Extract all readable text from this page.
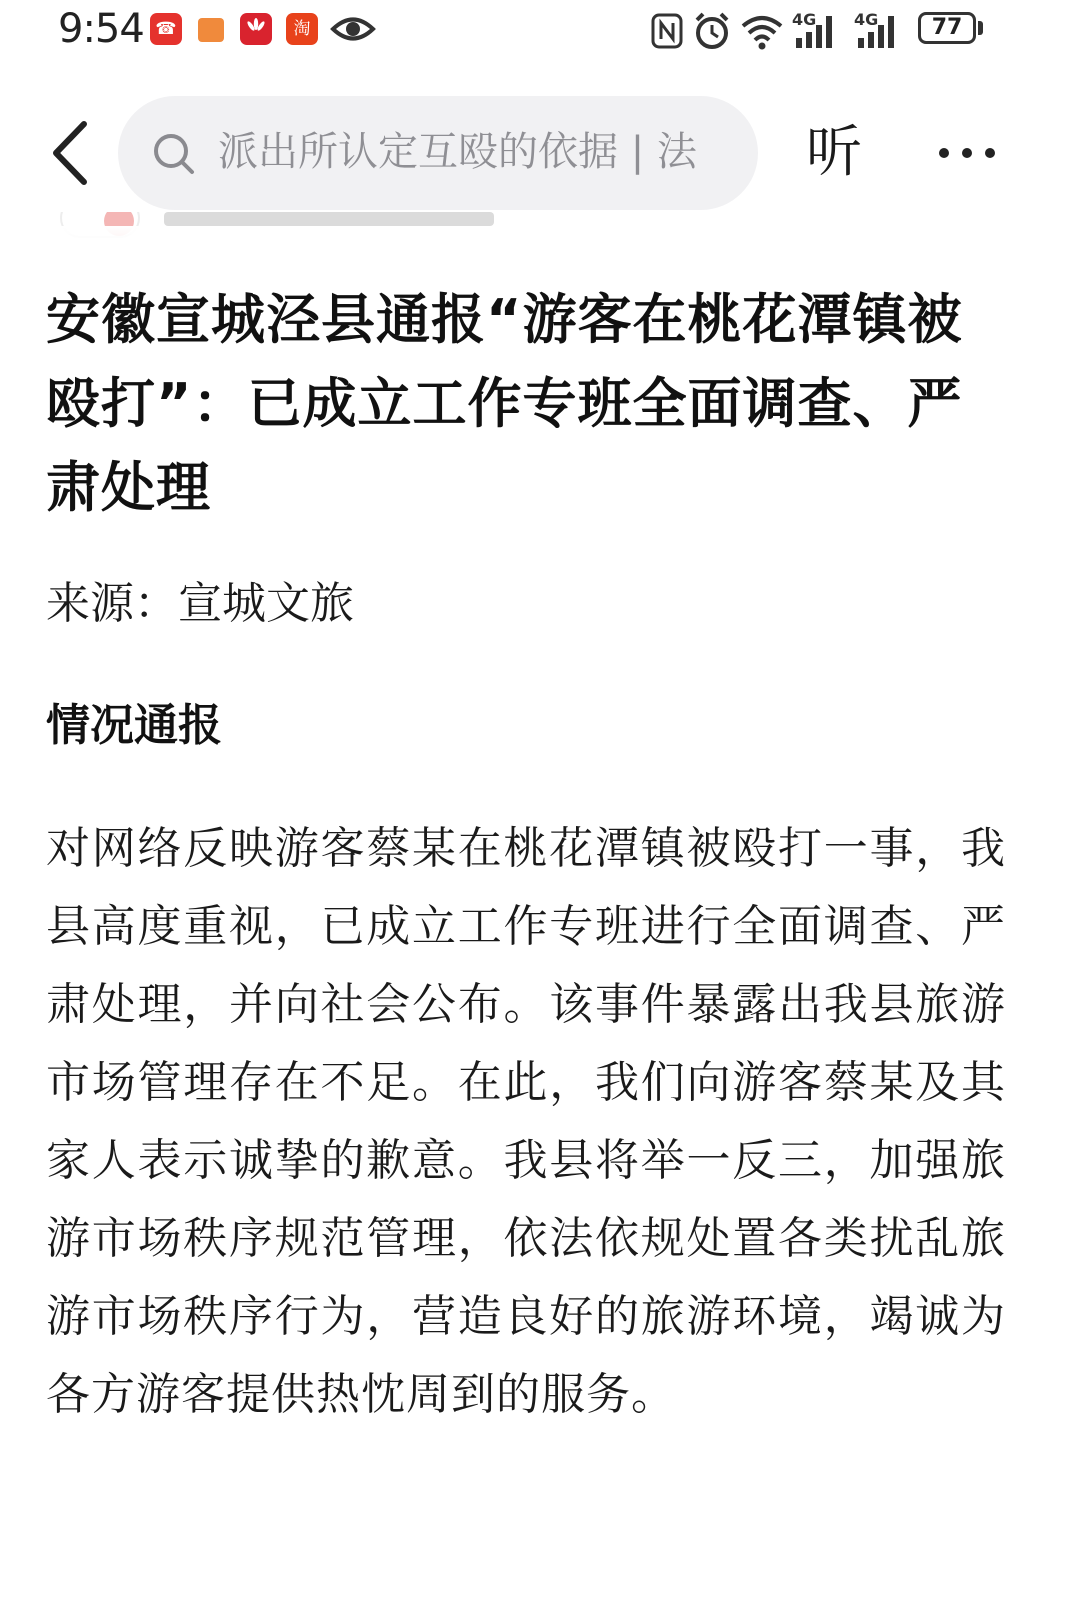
9:54 ☎	淘	4G 4G	77
派出所认定互殴的依据 | 法	听
安徽宣城泾县通报“游客在桃花潭镇被殴打”：已成立工作专班全面调查、严肃处理
来源：宣城文旅
情况通报
对网络反映游客蔡某在桃花潭镇被殴打一事，我县高度重视，已成立工作专班进行全面调查、严肃处理，并向社会公布。该事件暴露出我县旅游市场管理存在不足。在此，我们向游客蔡某及其家人表示诚挚的歉意。我县将举一反三，加强旅游市场秩序规范管理，依法依规处置各类扰乱旅游市场秩序行为，营造良好的旅游环境，竭诚为各方游客提供热忱周到的服务。
